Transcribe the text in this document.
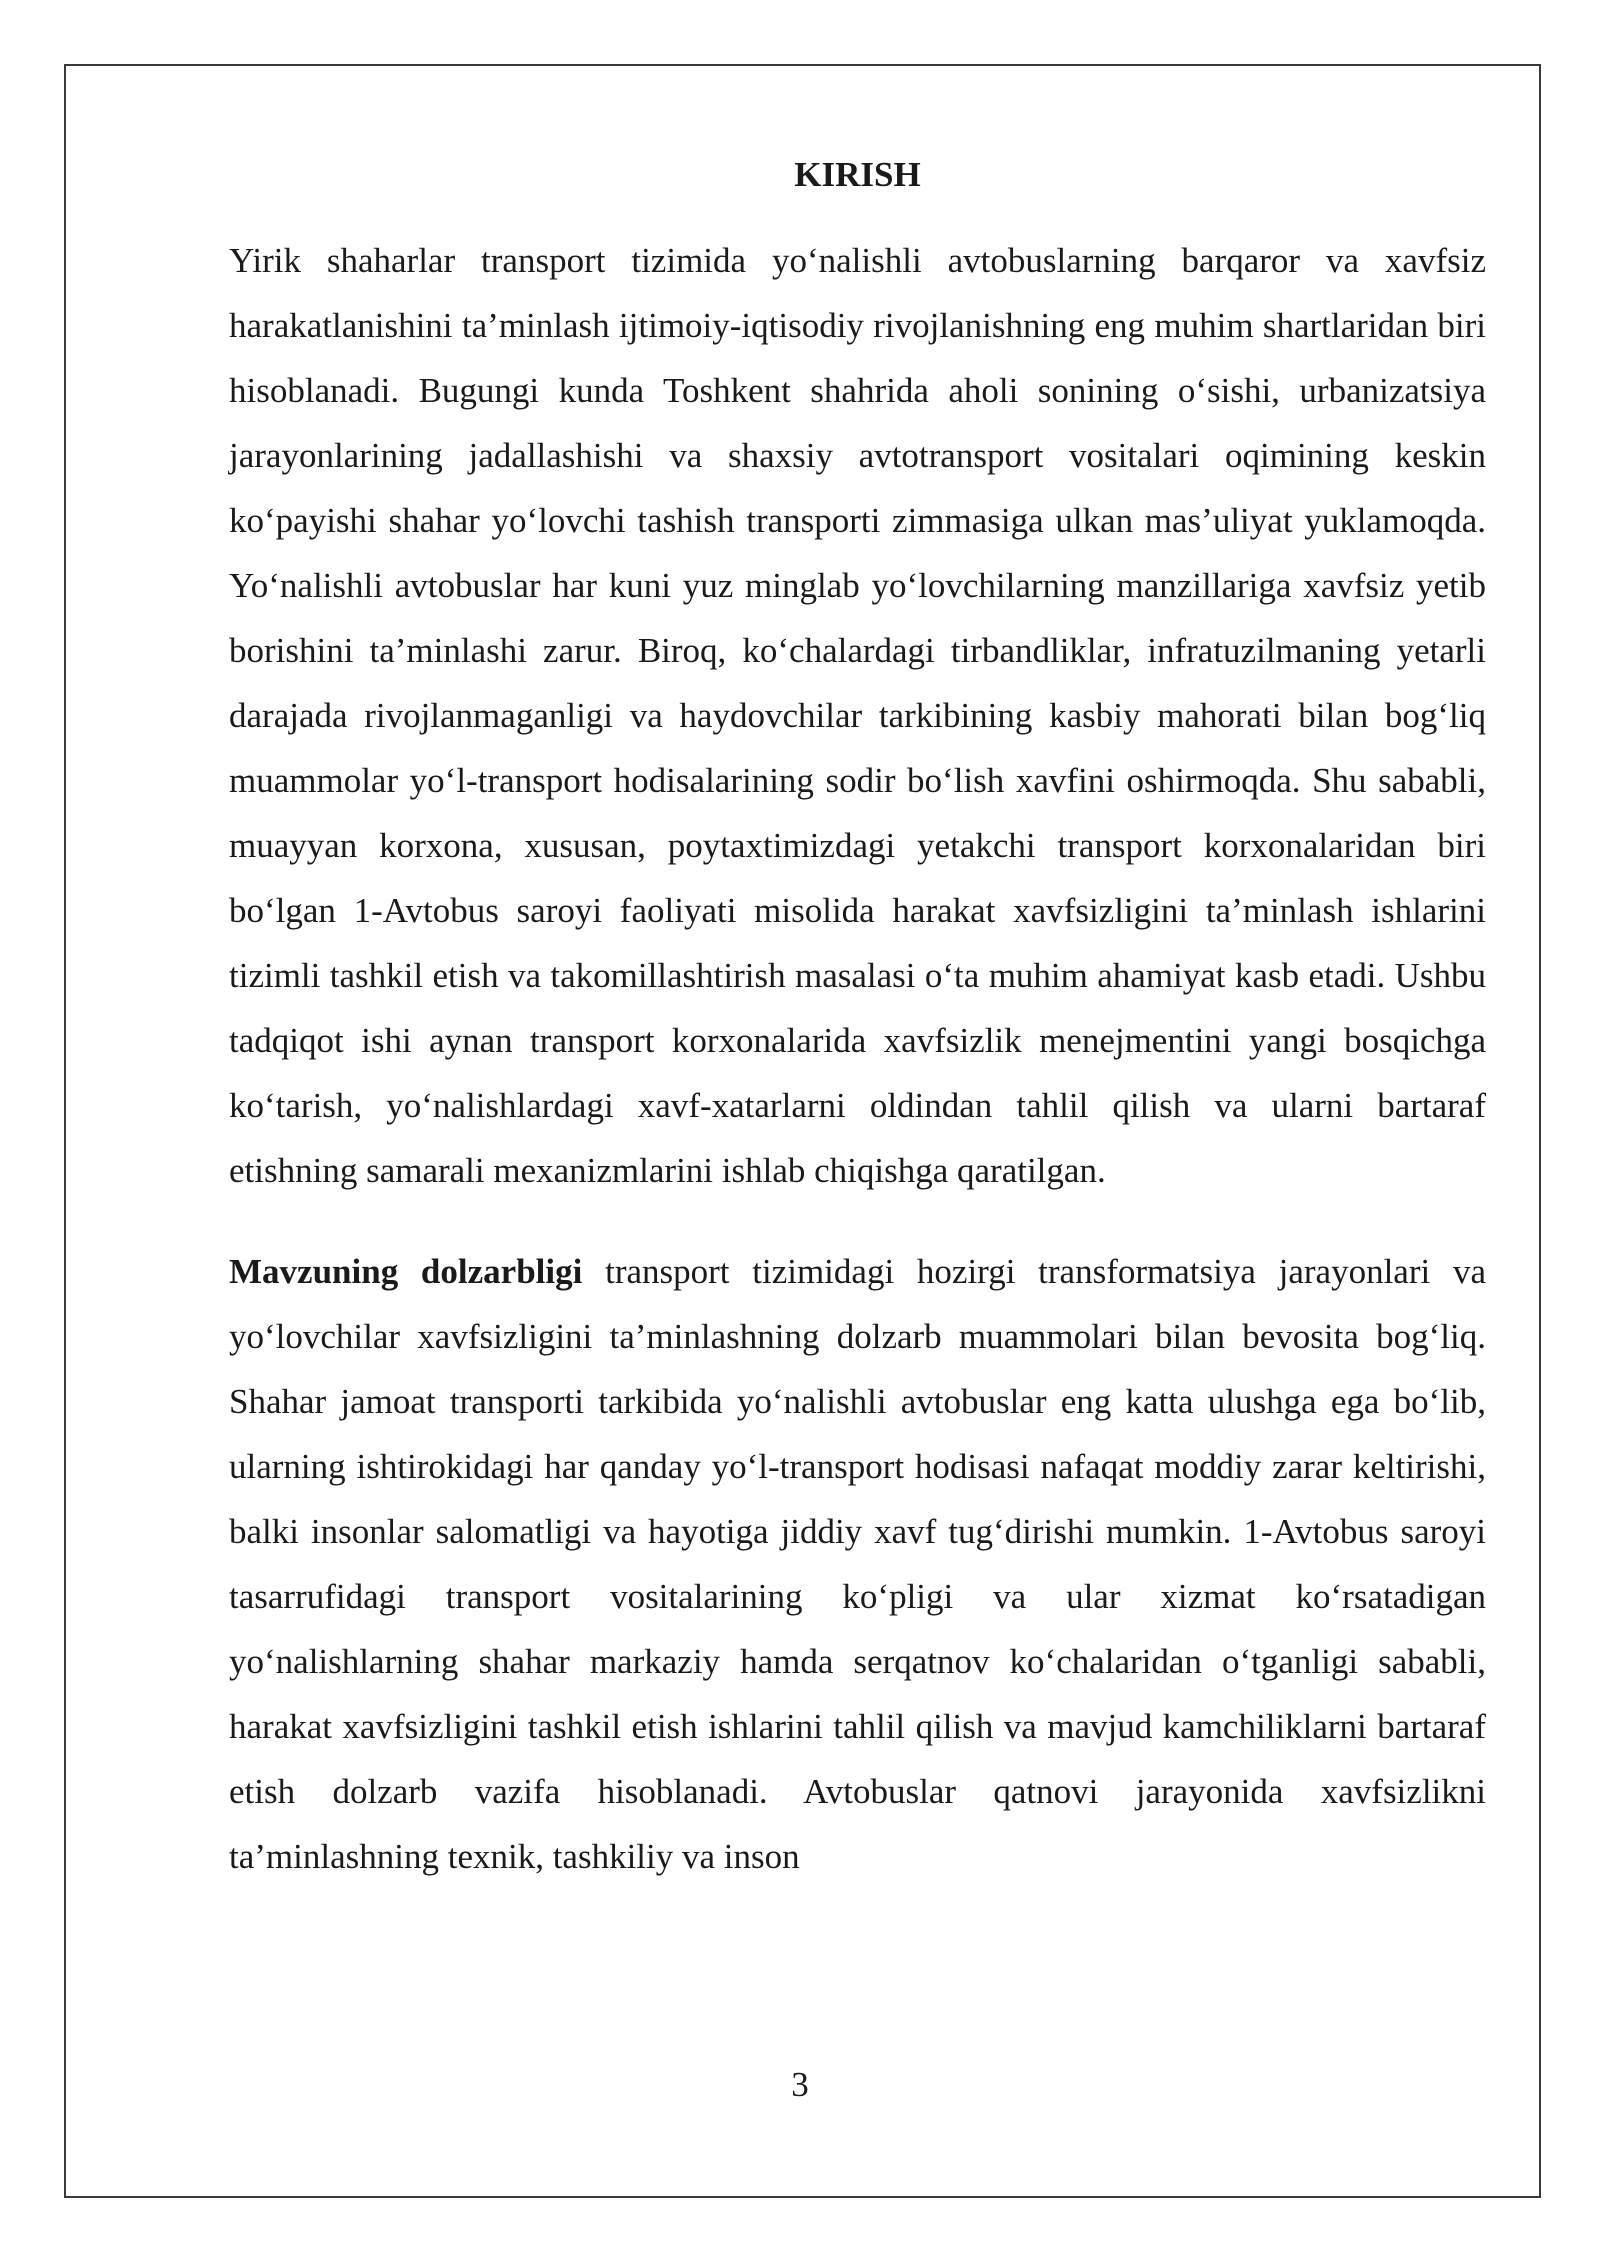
KIRISH

Yirik shaharlar transport tizimida yo‘nalishli avtobuslarning barqaror va xavfsiz harakatlanishini ta’minlash ijtimoiy-iqtisodiy rivojlanishning eng muhim shartlaridan biri hisoblanadi. Bugungi kunda Toshkent shahrida aholi sonining o‘sishi, urbanizatsiya jarayonlarining jadallashishi va shaxsiy avtotransport vositalari oqimining keskin ko‘payishi shahar yo‘lovchi tashish transporti zimmasiga ulkan mas’uliyat yuklamoqda. Yo‘nalishli avtobuslar har kuni yuz minglab yo‘lovchilarning manzillariga xavfsiz yetib borishini ta’minlashi zarur. Biroq, ko‘chalardagi tirbandliklar, infratuzilmaning yetarli darajada rivojlanmaganligi va haydovchilar tarkibining kasbiy mahorati bilan bog‘liq muammolar yo‘l-transport hodisalarining sodir bo‘lish xavfini oshirmoqda. Shu sababli, muayyan korxona, xususan, poytaxtimizdagi yetakchi transport korxonalaridan biri bo‘lgan 1-Avtobus saroyi faoliyati misolida harakat xavfsizligini ta’minlash ishlarini tizimli tashkil etish va takomillashtirish masalasi o‘ta muhim ahamiyat kasb etadi. Ushbu tadqiqot ishi aynan transport korxonalarida xavfsizlik menejmentini yangi bosqichga ko‘tarish, yo‘nalishlardagi xavf-xatarlarni oldindan tahlil qilish va ularni bartaraf etishning samarali mexanizmlarini ishlab chiqishga qaratilgan.

Mavzuning dolzarbligi transport tizimidagi hozirgi transformatsiya jarayonlari va yo‘lovchilar xavfsizligini ta’minlashning dolzarb muammolari bilan bevosita bog‘liq. Shahar jamoat transporti tarkibida yo‘nalishli avtobuslar eng katta ulushga ega bo‘lib, ularning ishtirokidagi har qanday yo‘l-transport hodisasi nafaqat moddiy zarar keltirishi, balki insonlar salomatligi va hayotiga jiddiy xavf tug‘dirishi mumkin. 1-Avtobus saroyi tasarrufidagi transport vositalarining ko‘pligi va ular xizmat ko‘rsatadigan yo‘nalishlarning shahar markaziy hamda serqatnov ko‘chalaridan o‘tganligi sababli, harakat xavfsizligini tashkil etish ishlarini tahlil qilish va mavjud kamchiliklarni bartaraf etish dolzarb vazifa hisoblanadi. Avtobuslar qatnovi jarayonida xavfsizlikni ta’minlashning texnik, tashkiliy va inson

3
